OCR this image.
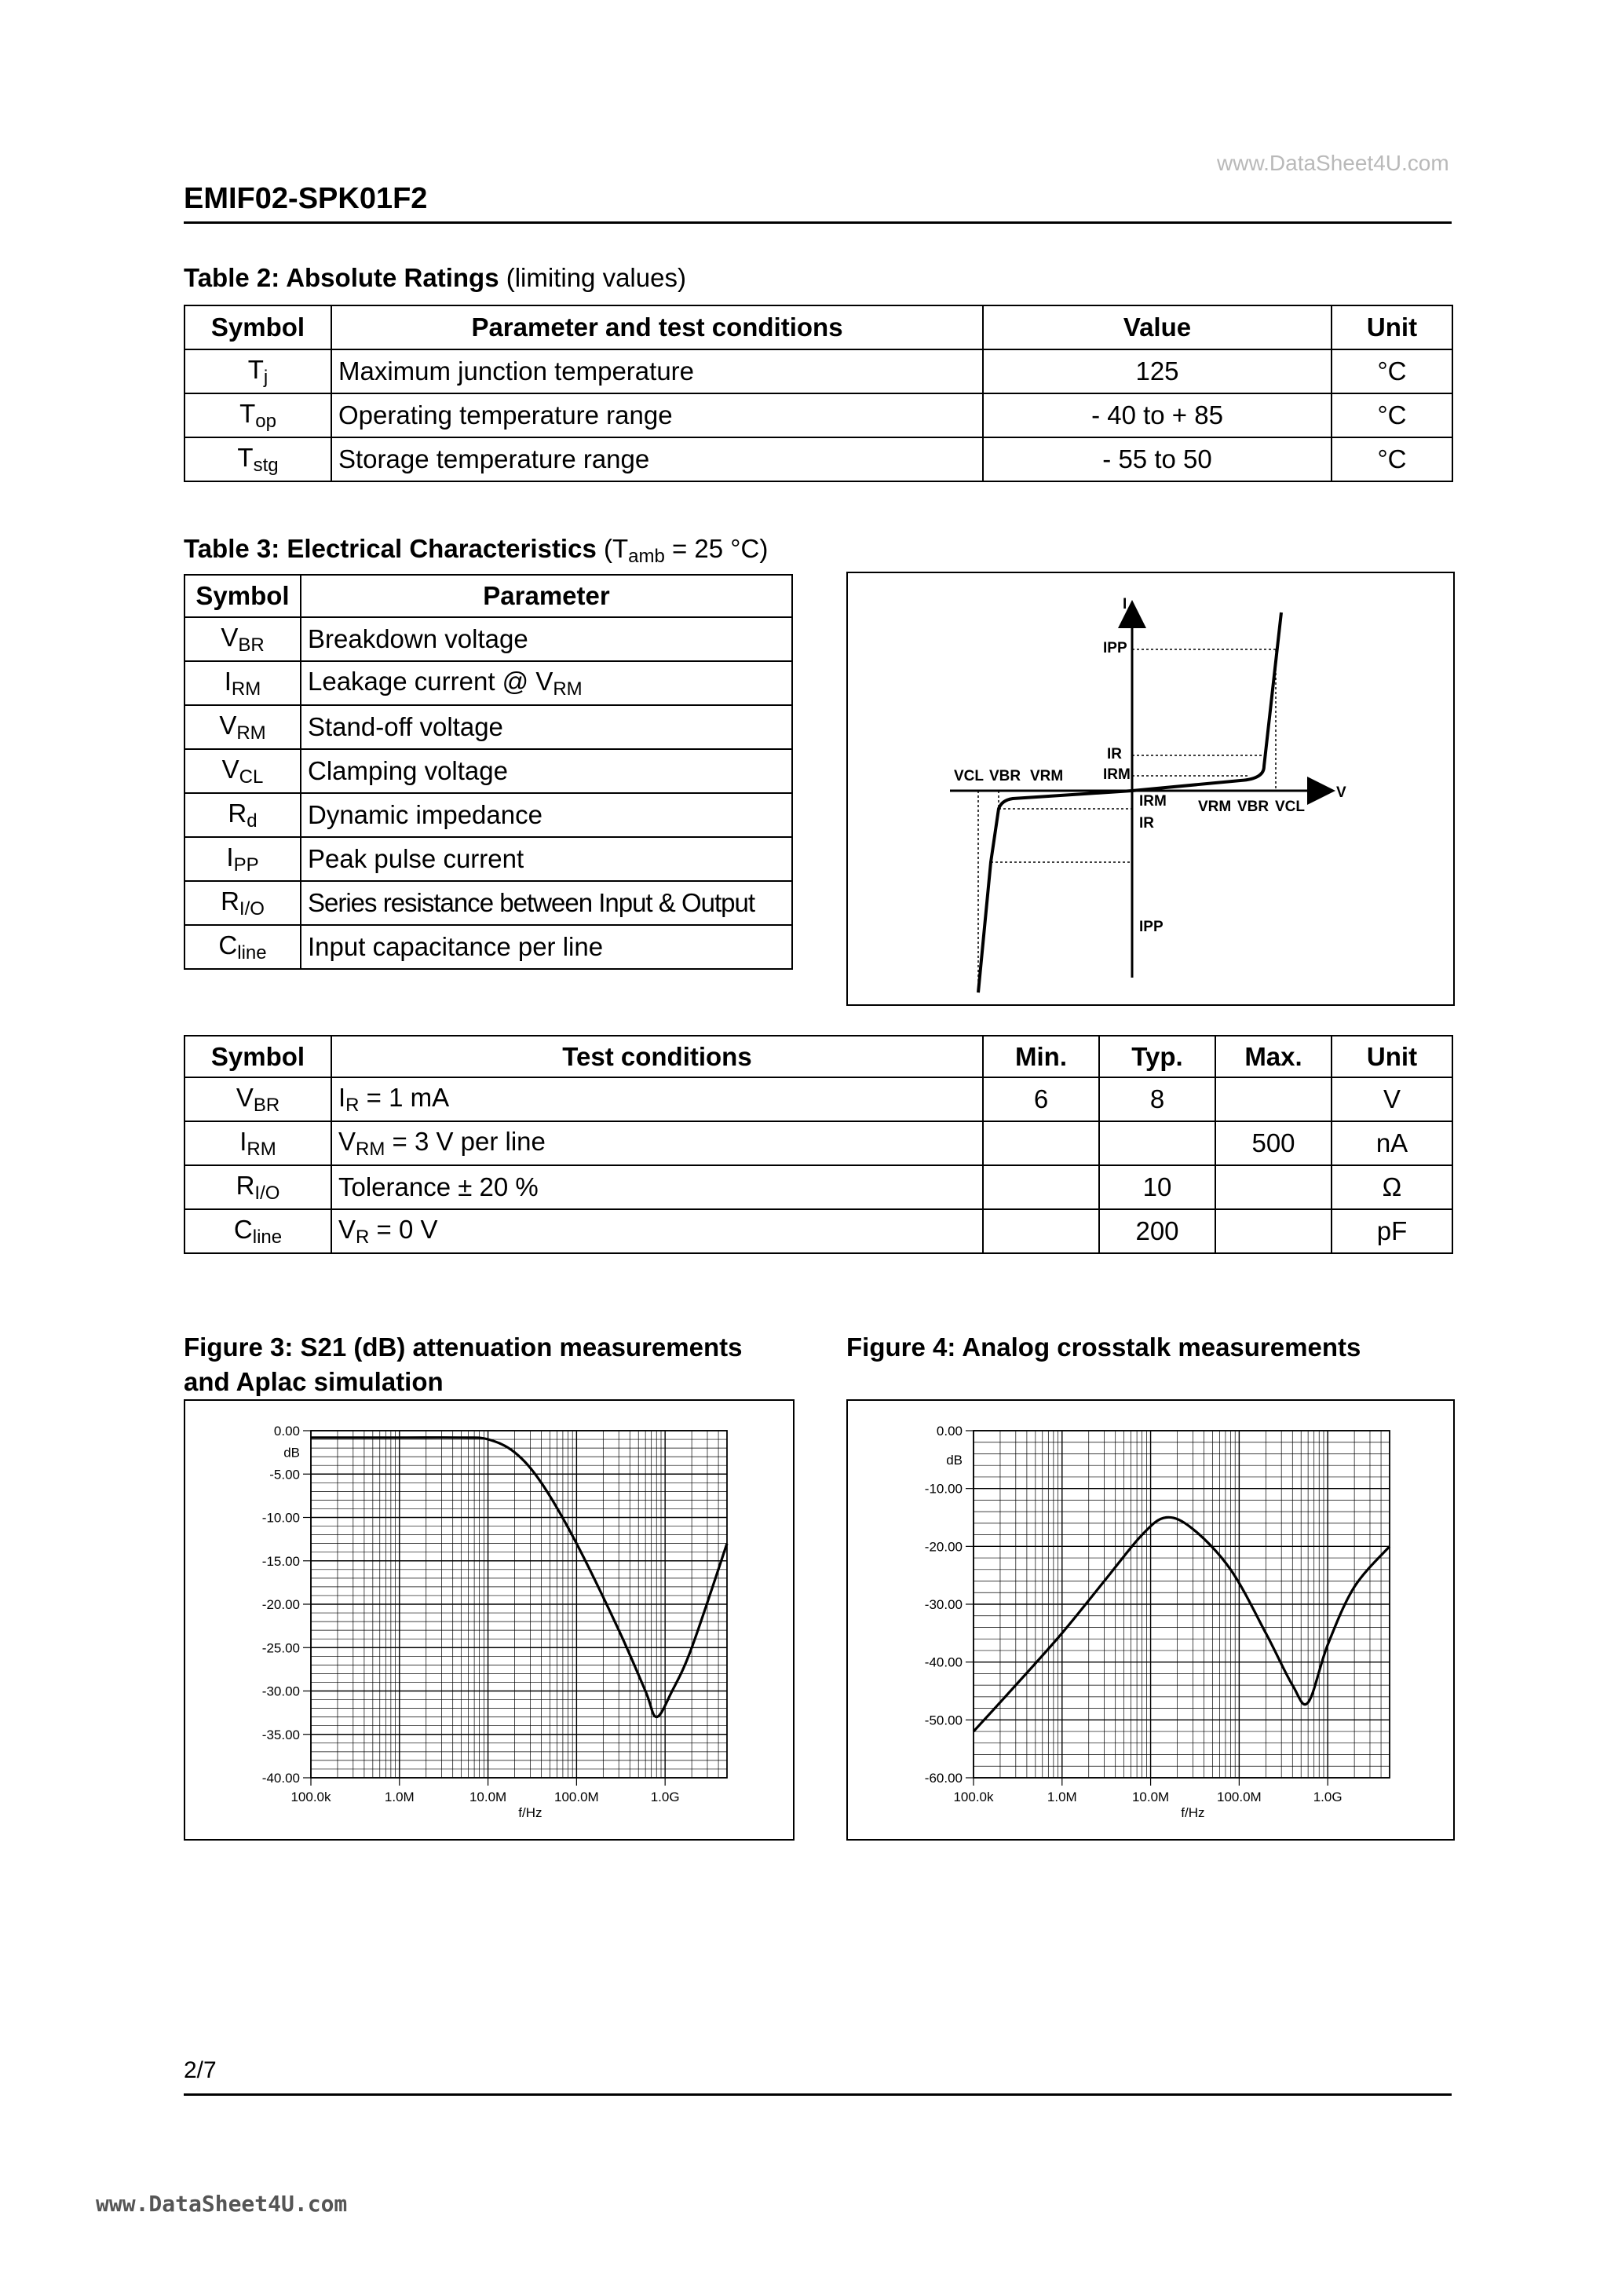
www.DataSheet4U.com
EMIF02-SPK01F2
Table 2: Absolute Ratings (limiting values)
Symbol	Parameter and test conditions	Value	Unit
$T_j$	Maximum junction temperature	125	°C
$T_{op}$	Operating temperature range	- 40 to + 85	°C
$T_{stg}$	Storage temperature range	- 55 to 50	°C
Table 3: Electrical Characteristics ($T_{amb} = 25$ °C)
Symbol	Parameter
$V_{BR}$	Breakdown voltage
$I_{RM}$	Leakage current @ $V_{RM}$
$V_{RM}$	Stand-off voltage
$V_{CL}$	Clamping voltage
$R_d$	Dynamic impedance
$I_{PP}$	Peak pulse current
$R_{I/O}$	Series resistance between Input & Output
$C_{line}$	Input capacitance per line
I
V
IPP
IR
IRM
IRM
IR
IPP
VCL VBR VRM
VRM VBR VCL
Symbol	Test conditions	Min.	Typ.	Max.	Unit
$V_{BR}$	$I_R = 1$ mA	6	8		V
$I_{RM}$	$V_{RM} = 3$ V per line			500	nA
$R_{I/O}$	Tolerance ± 20 %		10		Ω
$C_{line}$	$V_R = 0$ V		200		pF
Figure 3: S21 (dB) attenuation measurements
and Aplac simulation
Figure 4: Analog crosstalk measurements
0.00
-5.00
-10.00
-15.00
-20.00
-25.00
-30.00
-35.00
-40.00
dB
100.0k	1.0M	10.0M	100.0M	1.0G
f/Hz
0.00
-10.00
-20.00
-30.00
-40.00
-50.00
-60.00
dB
100.0k	1.0M	10.0M	100.0M	1.0G
f/Hz
2/7
www.DataSheet4U.com
